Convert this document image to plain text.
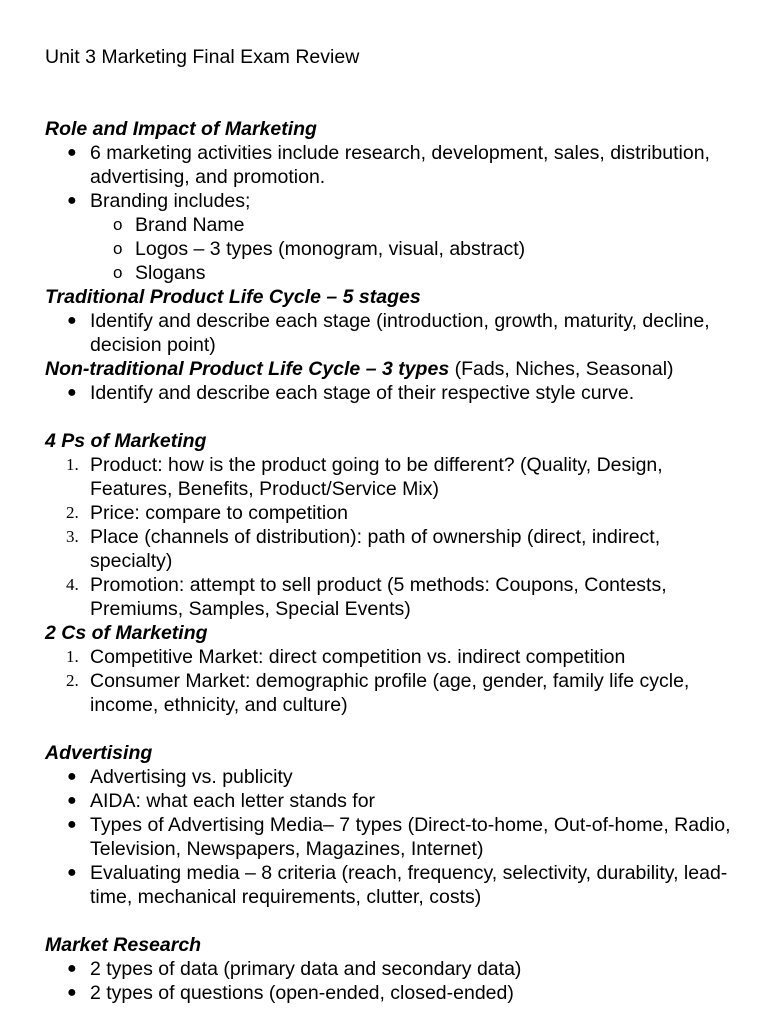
Unit 3 Marketing Final Exam Review
Role and Impact of Marketing
● 6 marketing activities include research, development, sales, distribution, advertising, and promotion.
● Branding includes;
o Brand Name
o Logos – 3 types (monogram, visual, abstract)
o Slogans
Traditional Product Life Cycle – 5 stages
● Identify and describe each stage (introduction, growth, maturity, decline, decision point)
Non-traditional Product Life Cycle – 3 types (Fads, Niches, Seasonal)
● Identify and describe each stage of their respective style curve.
4 Ps of Marketing
1. Product: how is the product going to be different? (Quality, Design, Features, Benefits, Product/Service Mix)
2. Price: compare to competition
3. Place (channels of distribution): path of ownership (direct, indirect, specialty)
4. Promotion: attempt to sell product (5 methods: Coupons, Contests, Premiums, Samples, Special Events)
2 Cs of Marketing
1. Competitive Market: direct competition vs. indirect competition
2. Consumer Market: demographic profile (age, gender, family life cycle, income, ethnicity, and culture)
Advertising
● Advertising vs. publicity
● AIDA: what each letter stands for
● Types of Advertising Media– 7 types (Direct-to-home, Out-of-home, Radio, Television, Newspapers, Magazines, Internet)
● Evaluating media – 8 criteria (reach, frequency, selectivity, durability, lead-time, mechanical requirements, clutter, costs)
Market Research
● 2 types of data (primary data and secondary data)
● 2 types of questions (open-ended, closed-ended)
